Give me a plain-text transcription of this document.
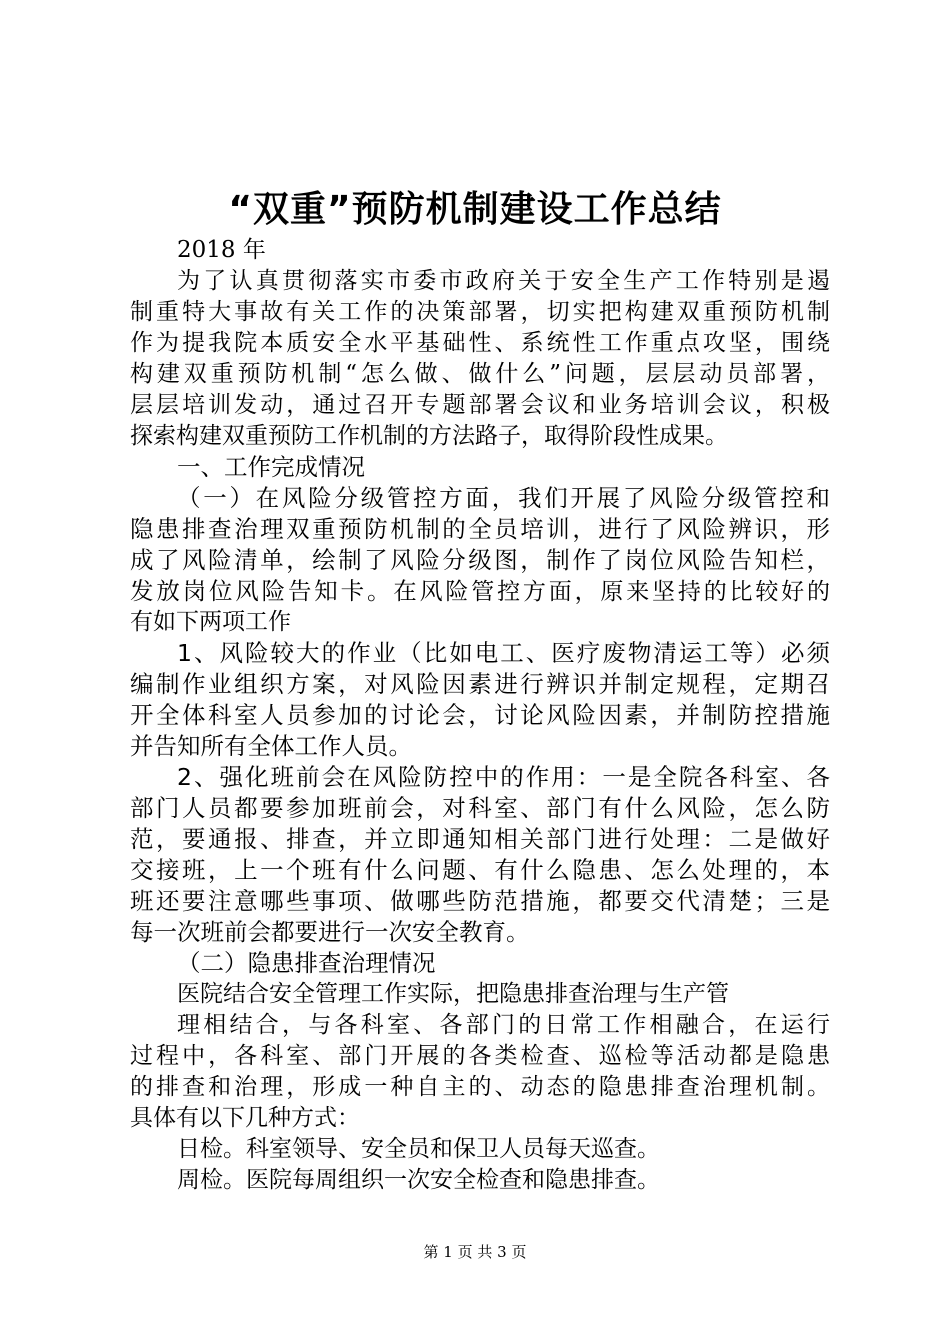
“双重”预防机制建设工作总结
2018 年
为了认真贯彻落实市委市政府关于安全生产工作特别是遏
制重特大事故有关工作的决策部署，切实把构建双重预防机制
作为提我院本质安全水平基础性、系统性工作重点攻坚，围绕
构建双重预防机制“怎么做、做什么”问题，层层动员部署，
层层培训发动，通过召开专题部署会议和业务培训会议，积极
探索构建双重预防工作机制的方法路子，取得阶段性成果。
一、工作完成情况
（一）在风险分级管控方面，我们开展了风险分级管控和
隐患排查治理双重预防机制的全员培训，进行了风险辨识，形
成了风险清单，绘制了风险分级图，制作了岗位风险告知栏，
发放岗位风险告知卡。在风险管控方面，原来坚持的比较好的
有如下两项工作
1、风险较大的作业（比如电工、医疗废物清运工等）必须
编制作业组织方案，对风险因素进行辨识并制定规程，定期召
开全体科室人员参加的讨论会，讨论风险因素，并制防控措施
并告知所有全体工作人员。
2、强化班前会在风险防控中的作用：一是全院各科室、各
部门人员都要参加班前会，对科室、部门有什么风险，怎么防
范，要通报、排查，并立即通知相关部门进行处理：二是做好
交接班，上一个班有什么问题、有什么隐患、怎么处理的，本
班还要注意哪些事项、做哪些防范措施，都要交代清楚；三是
每一次班前会都要进行一次安全教育。
（二）隐患排查治理情况
医院结合安全管理工作实际，把隐患排查治理与生产管
理相结合，与各科室、各部门的日常工作相融合，在运行
过程中，各科室、部门开展的各类检查、巡检等活动都是隐患
的排查和治理，形成一种自主的、动态的隐患排查治理机制。
具体有以下几种方式：
日检。科室领导、安全员和保卫人员每天巡查。
周检。医院每周组织一次安全检查和隐患排查。
第 1 页 共 3 页
